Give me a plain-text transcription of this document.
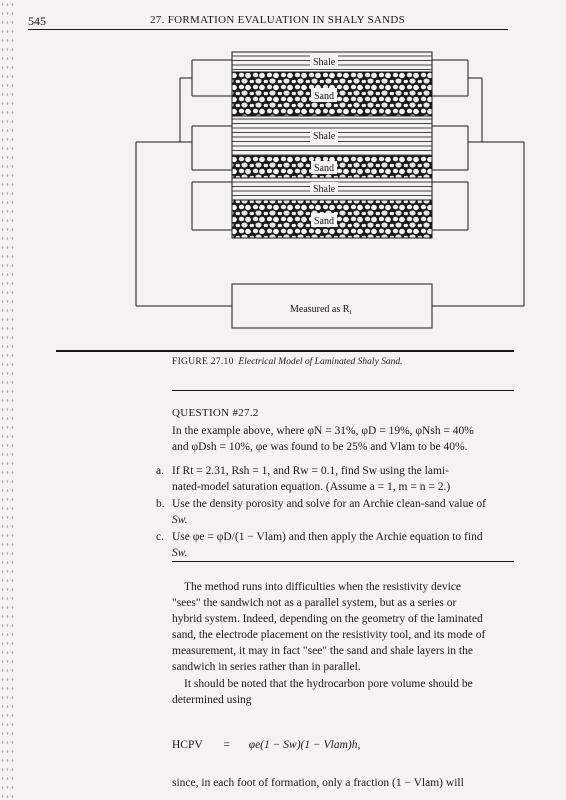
545	27. FORMATION EVALUATION IN SHALY SANDS
Shale
Sand
Shale
Sand
Shale
Sand
Measured as $R_t$
FIGURE 27.10 Electrical Model of Laminated Shaly Sand.
QUESTION #27.2
In the example above, where φN = 31%, φD = 19%, φNsh = 40%
and φDsh = 10%, φe was found to be 25% and Vlam to be 40%.
a. If Rt = 2.31, Rsh = 1, and Rw = 0.1, find Sw using the lami-
nated-model saturation equation. (Assume a = 1, m = n = 2.)
b. Use the density porosity and solve for an Archie clean-sand value of
Sw.
c. Use φe = φD/(1 − Vlam) and then apply the Archie equation to find
Sw.
The method runs into difficulties when the resistivity device
"sees" the sandwich not as a parallel system, but as a series or
hybrid system. Indeed, depending on the geometry of the laminated
sand, the electrode placement on the resistivity tool, and its mode of
measurement, it may in fact "see" the sand and shale layers in the
sandwich in series rather than in parallel.
It should be noted that the hydrocarbon pore volume should be
determined using
HCPV = φe(1 − Sw)(1 − Vlam)h,
since, in each foot of formation, only a fraction (1 − Vlam) will
